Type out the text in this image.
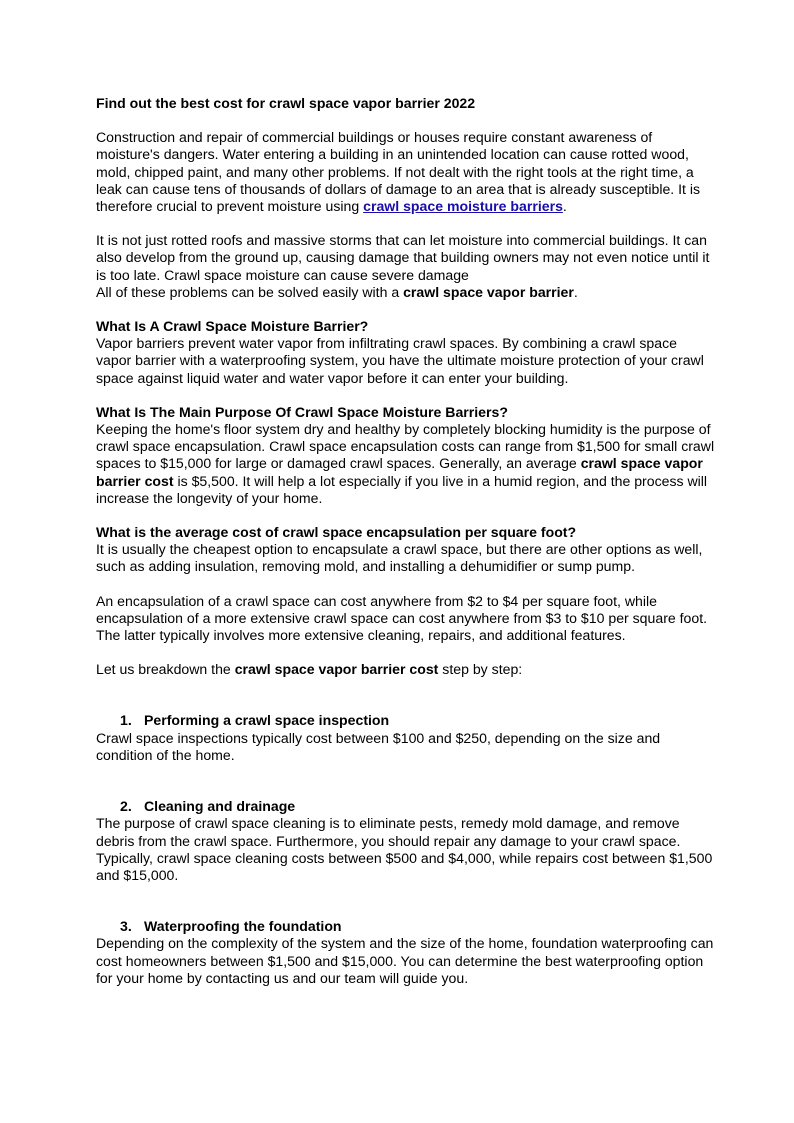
Find out the best cost for crawl space vapor barrier 2022

Construction and repair of commercial buildings or houses require constant awareness of moisture's dangers. Water entering a building in an unintended location can cause rotted wood, mold, chipped paint, and many other problems. If not dealt with the right tools at the right time, a leak can cause tens of thousands of dollars of damage to an area that is already susceptible. It is therefore crucial to prevent moisture using crawl space moisture barriers.

It is not just rotted roofs and massive storms that can let moisture into commercial buildings. It can also develop from the ground up, causing damage that building owners may not even notice until it is too late. Crawl space moisture can cause severe damage
All of these problems can be solved easily with a crawl space vapor barrier.

What Is A Crawl Space Moisture Barrier?

Vapor barriers prevent water vapor from infiltrating crawl spaces. By combining a crawl space vapor barrier with a waterproofing system, you have the ultimate moisture protection of your crawl space against liquid water and water vapor before it can enter your building.

What Is The Main Purpose Of Crawl Space Moisture Barriers?

Keeping the home's floor system dry and healthy by completely blocking humidity is the purpose of crawl space encapsulation. Crawl space encapsulation costs can range from $1,500 for small crawl spaces to $15,000 for large or damaged crawl spaces. Generally, an average crawl space vapor barrier cost is $5,500. It will help a lot especially if you live in a humid region, and the process will increase the longevity of your home.

What is the average cost of crawl space encapsulation per square foot?

It is usually the cheapest option to encapsulate a crawl space, but there are other options as well, such as adding insulation, removing mold, and installing a dehumidifier or sump pump.

An encapsulation of a crawl space can cost anywhere from $2 to $4 per square foot, while encapsulation of a more extensive crawl space can cost anywhere from $3 to $10 per square foot. The latter typically involves more extensive cleaning, repairs, and additional features.

Let us breakdown the crawl space vapor barrier cost step by step:

1. Performing a crawl space inspection

Crawl space inspections typically cost between $100 and $250, depending on the size and condition of the home.

2. Cleaning and drainage

The purpose of crawl space cleaning is to eliminate pests, remedy mold damage, and remove debris from the crawl space. Furthermore, you should repair any damage to your crawl space. Typically, crawl space cleaning costs between $500 and $4,000, while repairs cost between $1,500 and $15,000.

3. Waterproofing the foundation

Depending on the complexity of the system and the size of the home, foundation waterproofing can cost homeowners between $1,500 and $15,000. You can determine the best waterproofing option for your home by contacting us and our team will guide you.
